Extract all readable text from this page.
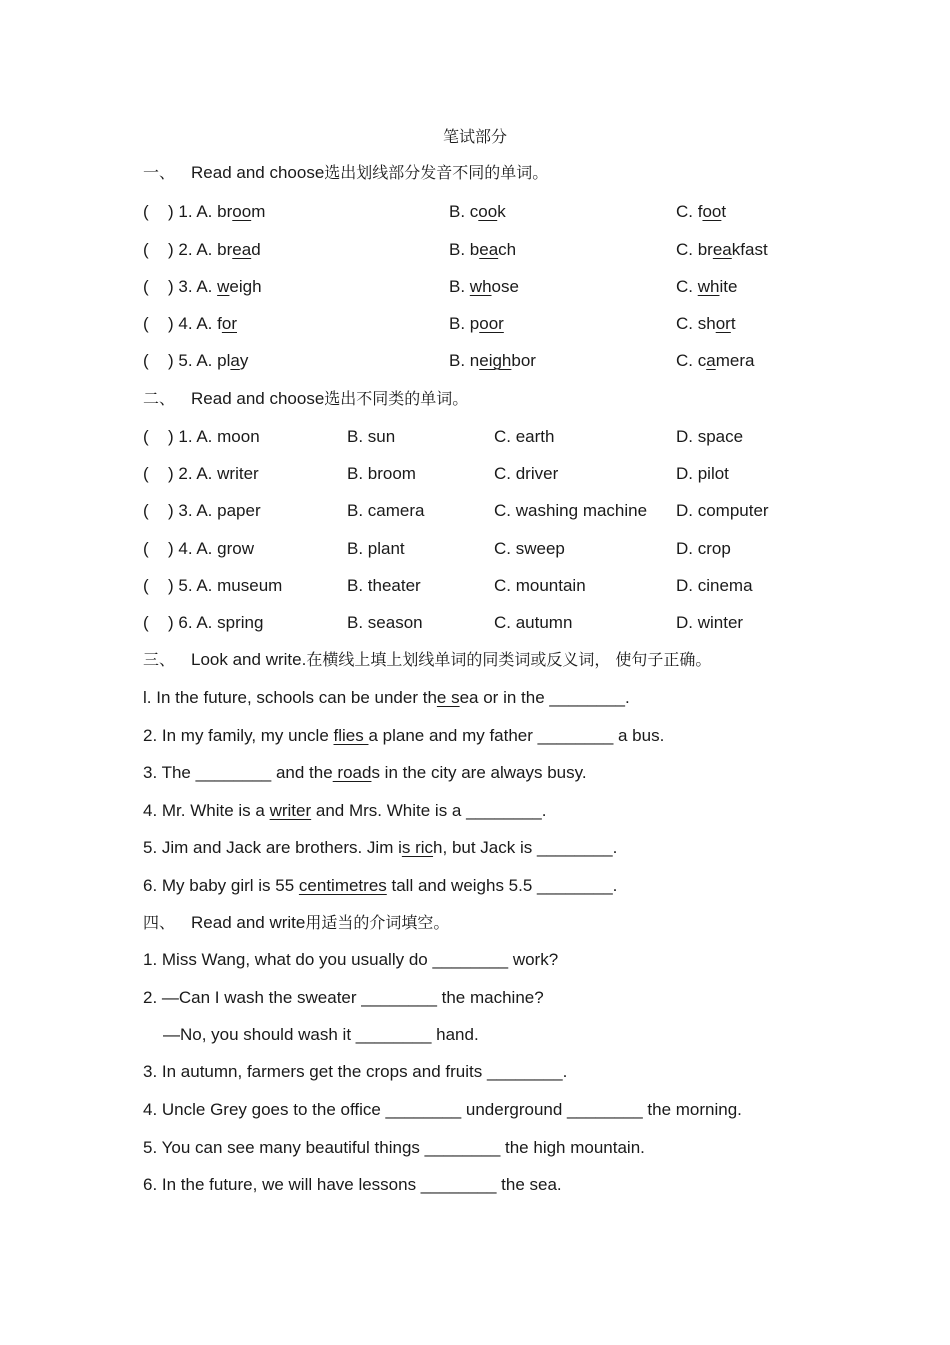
笔试部分
一、 Read and choose选出划线部分发音不同的单词。
二、 Read and choose选出不同类的单词。
三、 Look and write.在横线上填上划线单词的同类词或反义词， 使句子正确。
四、 Read and write用适当的介词填空。
( ) 1. A. broom	B. cook	C. foot
( ) 2. A. bread	B. beach	C. breakfast
( ) 3. A. weigh	B. whose	C. white
( ) 4. A. for	B. poor	C. short
( ) 5. A. play	B. neighbor	C. camera
( ) 1. A. moon	B. sun	C. earth	D. space
( ) 2. A. writer	B. broom	C. driver	D. pilot
( ) 3. A. paper	B. camera	C. washing machine D. computer
( ) 4. A. grow	B. plant	C. sweep	D. crop
( ) 5. A. museum	B. theater	C. mountain	D. cinema
( ) 6. A. spring	B. season	C. autumn	D. winter
l. In the future, schools can be under the sea or in the ________.
2. In my family, my uncle flies a plane and my father ________ a bus.
3. The ________ and the roads in the city are always busy.
4. Mr. White is a writer and Mrs. White is a ________.
5. Jim and Jack are brothers. Jim is rich, but Jack is ________.
6. My baby girl is 55 centimetres tall and weighs 5.5 ________.
1. Miss Wang, what do you usually do ________ work?
2. —Can I wash the sweater ________ the machine?
—No, you should wash it ________ hand.
3. In autumn, farmers get the crops and fruits ________.
4. Uncle Grey goes to the office ________ underground ________ the morning.
5. You can see many beautiful things ________ the high mountain.
6. In the future, we will have lessons ________ the sea.
